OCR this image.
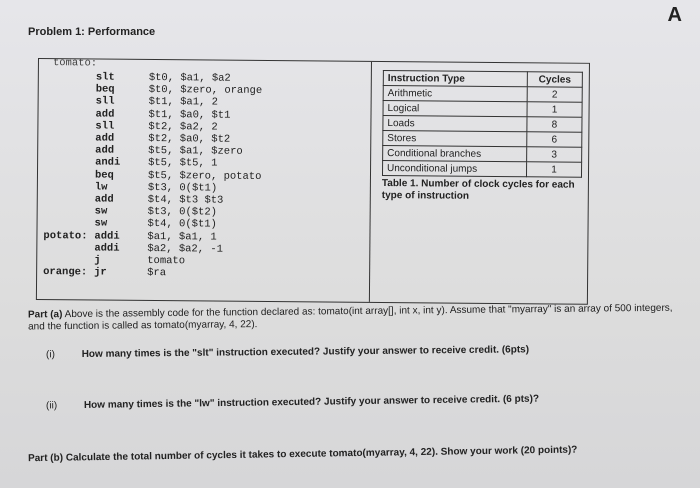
A
Problem 1: Performance
tomato:
slt	$t0, $a1, $a2
beq	$t0, $zero, orange
sll	$t1, $a1, 2
add	$t1, $a0, $t1
sll	$t2, $a2, 2
add	$t2, $a0, $t2
add	$t5, $a1, $zero
andi	$t5, $t5, 1
beq	$t5, $zero, potato
lw	$t3, 0($t1)
add	$t4, $t3 $t3
sw	$t3, 0($t2)
sw	$t4, 0($t1)
potato: addi	$a1, $a1, 1
addi	$a2, $a2, -1
j	tomato
orange: jr	$ra
Instruction Type	Cycles
Arithmetic	2
Logical	1
Loads	8
Stores	6
Conditional branches	3
Unconditional jumps	1
Table 1. Number of clock cycles for each type of instruction
Part (a) Above is the assembly code for the function declared as: tomato(int array[], int x, int y). Assume that "myarray" is an array of 500 integers, and the function is called as tomato(myarray, 4, 22).
(i)	How many times is the "slt" instruction executed? Justify your answer to receive credit. (6pts)
(ii)	How many times is the "lw" instruction executed? Justify your answer to receive credit. (6 pts)?
Part (b) Calculate the total number of cycles it takes to execute tomato(myarray, 4, 22). Show your work (20 points)?
